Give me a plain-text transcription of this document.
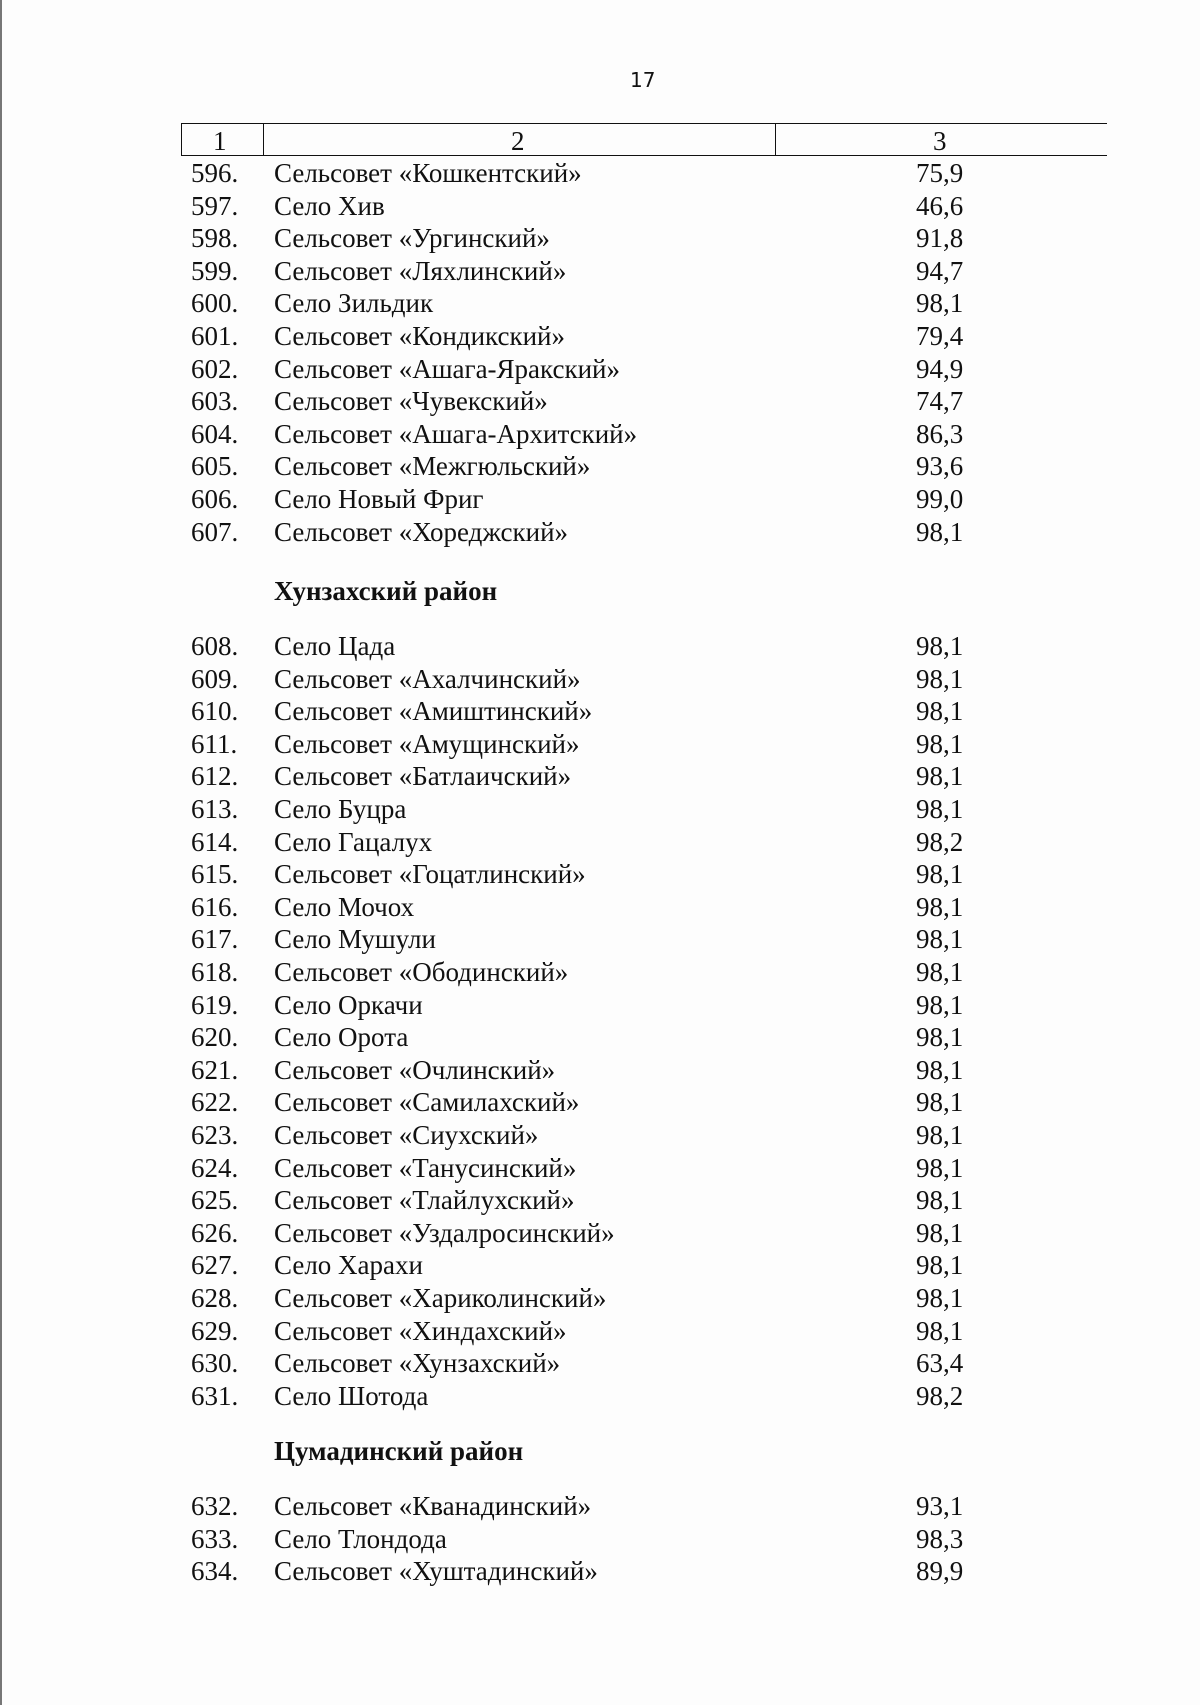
17
1	2	3
596.	Сельсовет «Кошкентский»	75,9
597.	Село Хив	46,6
598.	Сельсовет «Ургинский»	91,8
599.	Сельсовет «Ляхлинский»	94,7
600.	Село Зильдик	98,1
601.	Сельсовет «Кондикский»	79,4
602.	Сельсовет «Ашага-Яракский»	94,9
603.	Сельсовет «Чувекский»	74,7
604.	Сельсовет «Ашага-Архитский»	86,3
605.	Сельсовет «Межгюльский»	93,6
606.	Село Новый Фриг	99,0
607.	Сельсовет «Хореджский»	98,1
Хунзахский район
608.	Село Цада	98,1
609.	Сельсовет «Ахалчинский»	98,1
610.	Сельсовет «Амиштинский»	98,1
611.	Сельсовет «Амущинский»	98,1
612.	Сельсовет «Батлаичский»	98,1
613.	Село Буцра	98,1
614.	Село Гацалух	98,2
615.	Сельсовет «Гоцатлинский»	98,1
616.	Село Мочох	98,1
617.	Село Мушули	98,1
618.	Сельсовет «Ободинский»	98,1
619.	Село Оркачи	98,1
620.	Село Орота	98,1
621.	Сельсовет «Очлинский»	98,1
622.	Сельсовет «Самилахский»	98,1
623.	Сельсовет «Сиухский»	98,1
624.	Сельсовет «Танусинский»	98,1
625.	Сельсовет «Тлайлухский»	98,1
626.	Сельсовет «Уздалросинский»	98,1
627.	Село Харахи	98,1
628.	Сельсовет «Хариколинский»	98,1
629.	Сельсовет «Хиндахский»	98,1
630.	Сельсовет «Хунзахский»	63,4
631.	Село Шотода	98,2
Цумадинский район
632.	Сельсовет «Кванадинский»	93,1
633.	Село Тлондода	98,3
634.	Сельсовет «Хуштадинский»	89,9
